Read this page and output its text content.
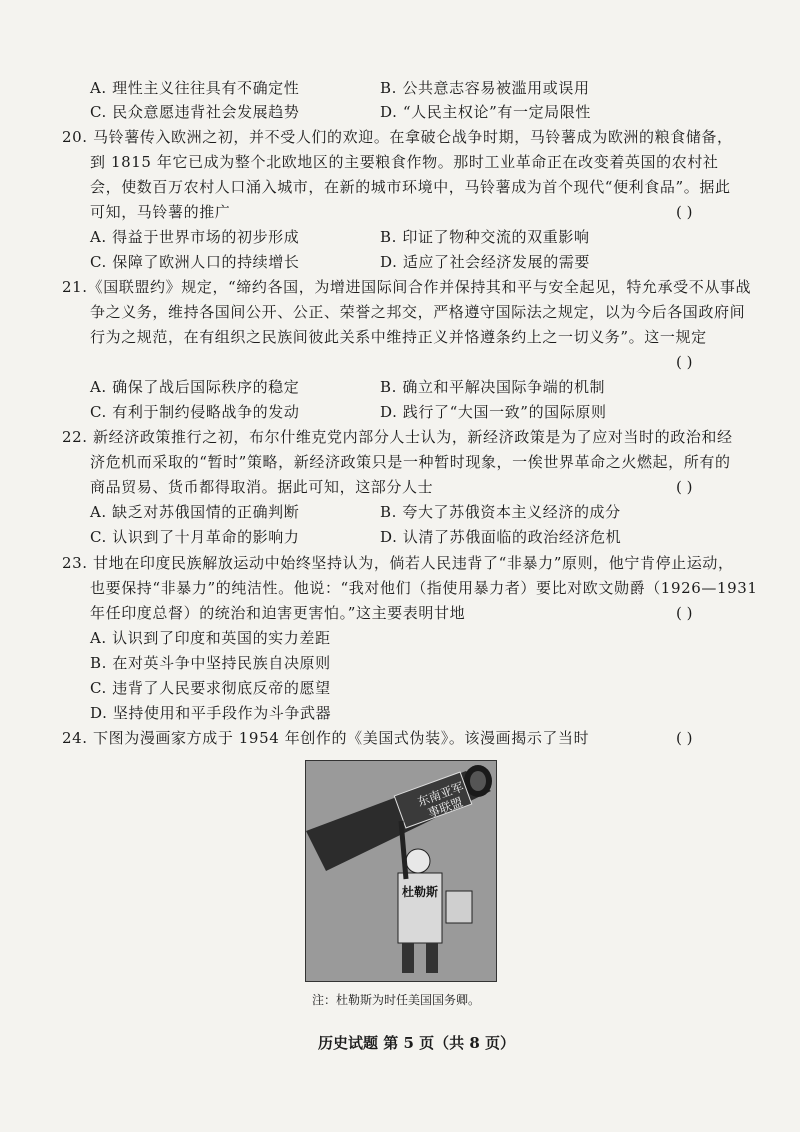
A. 理性主义往往具有不确定性	B. 公共意志容易被滥用或误用
C. 民众意愿违背社会发展趋势	D. “人民主权论”有一定局限性
20. 马铃薯传入欧洲之初，并不受人们的欢迎。在拿破仑战争时期，马铃薯成为欧洲的粮食储备，
到 1815 年它已成为整个北欧地区的主要粮食作物。那时工业革命正在改变着英国的农村社
会，使数百万农村人口涌入城市，在新的城市环境中，马铃薯成为首个现代“便利食品”。据此
可知，马铃薯的推广	( )
A. 得益于世界市场的初步形成	B. 印证了物种交流的双重影响
C. 保障了欧洲人口的持续增长	D. 适应了社会经济发展的需要
21.《国联盟约》规定，“缔约各国，为增进国际间合作并保持其和平与安全起见，特允承受不从事战
争之义务，维持各国间公开、公正、荣誉之邦交，严格遵守国际法之规定，以为今后各国政府间
行为之规范，在有组织之民族间彼此关系中维持正义并恪遵条约上之一切义务”。这一规定
( )
A. 确保了战后国际秩序的稳定	B. 确立和平解决国际争端的机制
C. 有利于制约侵略战争的发动	D. 践行了“大国一致”的国际原则
22. 新经济政策推行之初，布尔什维克党内部分人士认为，新经济政策是为了应对当时的政治和经
济危机而采取的“暂时”策略，新经济政策只是一种暂时现象，一俟世界革命之火燃起，所有的
商品贸易、货币都得取消。据此可知，这部分人士	( )
A. 缺乏对苏俄国情的正确判断	B. 夸大了苏俄资本主义经济的成分
C. 认识到了十月革命的影响力	D. 认清了苏俄面临的政治经济危机
23. 甘地在印度民族解放运动中始终坚持认为，倘若人民违背了“非暴力”原则，他宁肯停止运动，
也要保持“非暴力”的纯洁性。他说：“我对他们（指使用暴力者）要比对欧文勋爵（1926—1931
年任印度总督）的统治和迫害更害怕。”这主要表明甘地	( )
A. 认识到了印度和英国的实力差距
B. 在对英斗争中坚持民族自决原则
C. 违背了人民要求彻底反帝的愿望
D. 坚持使用和平手段作为斗争武器
24. 下图为漫画家方成于 1954 年创作的《美国式伪装》。该漫画揭示了当时	( )
东南亚军事联盟
杜勒斯
注：杜勒斯为时任美国国务卿。
历史试题 第 5 页（共 8 页）
